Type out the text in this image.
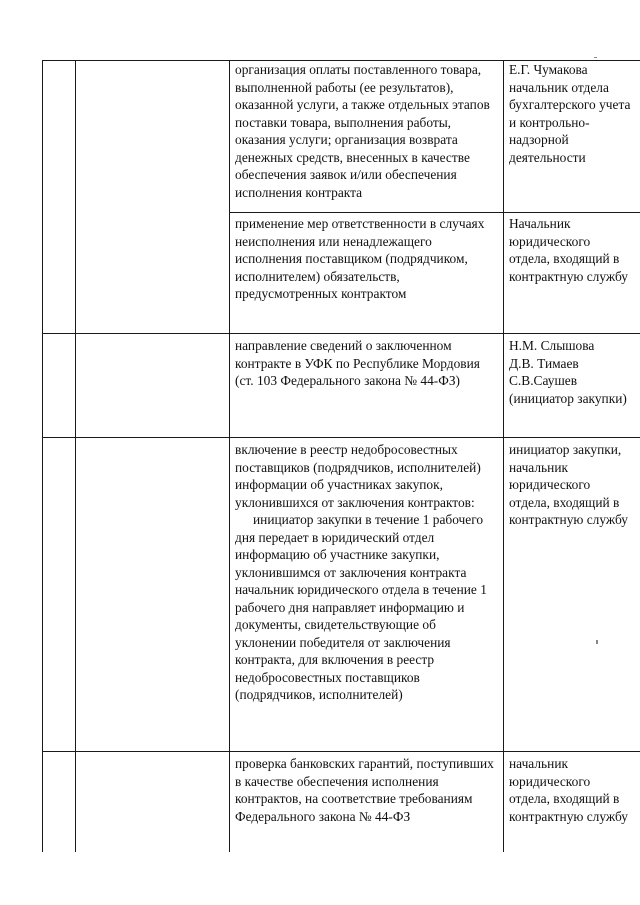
организация оплаты поставленного товара, выполненной работы (ее результатов), оказанной услуги, а также отдельных этапов поставки товара, выполнения работы, оказания услуги; организация возврата денежных средств, внесенных в качестве обеспечения заявок и/или обеспечения исполнения контракта

Е.Г. Чумакова начальник отдела бухгалтерского учета и контрольно-надзорной деятельности

применение мер ответственности в случаях неисполнения или ненадлежащего исполнения поставщиком (подрядчиком, исполнителем) обязательств, предусмотренных контрактом

Начальник юридического отдела, входящий в контрактную службу

направление сведений о заключенном контракте в УФК по Республике Мордовия (ст. 103 Федерального закона № 44-ФЗ)

Н.М. Слышова

Д.В. Тимаев

С.В.Саушев

(инициатор закупки)

включение в реестр недобросовестных поставщиков (подрядчиков, исполнителей) информации об участниках закупок, уклонившихся от заключения контрактов:

инициатор закупки в течение 1 рабочего дня передает в юридический отдел информацию об участнике закупки, уклонившимся от заключения контракта

начальник юридического отдела в течение 1 рабочего дня направляет информацию и документы, свидетельствующие об уклонении победителя от заключения контракта, для включения в реестр недобросовестных поставщиков (подрядчиков, исполнителей)

инициатор закупки, начальник юридического отдела, входящий в контрактную службу

проверка банковских гарантий, поступивших в качестве обеспечения исполнения контрактов, на соответствие требованиям Федерального закона № 44-ФЗ

начальник юридического отдела, входящий в контрактную службу
